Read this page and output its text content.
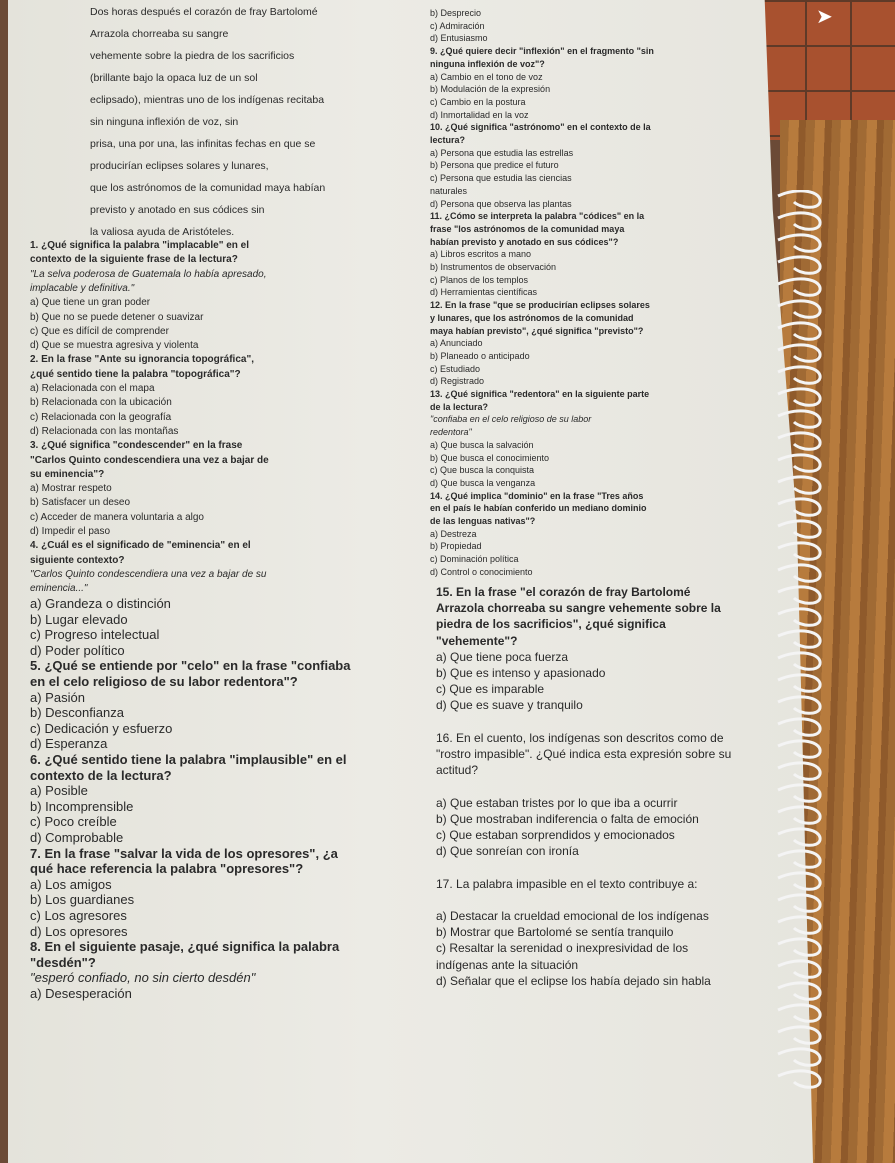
➤
Dos horas después el corazón de fray Bartolomé
Arrazola chorreaba su sangre
vehemente sobre la piedra de los sacrificios
(brillante bajo la opaca luz de un sol
eclipsado), mientras uno de los indígenas recitaba
sin ninguna inflexión de voz, sin
prisa, una por una, las infinitas fechas en que se
producirían eclipses solares y lunares,
que los astrónomos de la comunidad maya habían
previsto y anotado en sus códices sin
la valiosa ayuda de Aristóteles.
1. ¿Qué significa la palabra "implacable" en el
contexto de la siguiente frase de la lectura?
"La selva poderosa de Guatemala lo había apresado,
implacable y definitiva."
a) Que tiene un gran poder
b) Que no se puede detener o suavizar
c) Que es difícil de comprender
d) Que se muestra agresiva y violenta
2. En la frase "Ante su ignorancia topográfica",
¿qué sentido tiene la palabra "topográfica"?
a) Relacionada con el mapa
b) Relacionada con la ubicación
c) Relacionada con la geografía
d) Relacionada con las montañas
3. ¿Qué significa "condescender" en la frase
"Carlos Quinto condescendiera una vez a bajar de
su eminencia"?
a) Mostrar respeto
b) Satisfacer un deseo
c) Acceder de manera voluntaria a algo
d) Impedir el paso
4. ¿Cuál es el significado de "eminencia" en el
siguiente contexto?
"Carlos Quinto condescendiera una vez a bajar de su
eminencia..."
a) Grandeza o distinción
b) Lugar elevado
c) Progreso intelectual
d) Poder político
5. ¿Qué se entiende por "celo" en la frase "confiaba
en el celo religioso de su labor redentora"?
a) Pasión
b) Desconfianza
c) Dedicación y esfuerzo
d) Esperanza
6. ¿Qué sentido tiene la palabra "implausible" en el
contexto de la lectura?
a) Posible
b) Incomprensible
c) Poco creíble
d) Comprobable
7. En la frase "salvar la vida de los opresores", ¿a
qué hace referencia la palabra "opresores"?
a) Los amigos
b) Los guardianes
c) Los agresores
d) Los opresores
8. En el siguiente pasaje, ¿qué significa la palabra
"desdén"?
"esperó confiado, no sin cierto desdén"
a) Desesperación
b) Desprecio
c) Admiración
d) Entusiasmo
9. ¿Qué quiere decir "inflexión" en el fragmento "sin
ninguna inflexión de voz"?
a) Cambio en el tono de voz
b) Modulación de la expresión
c) Cambio en la postura
d) Inmortalidad en la voz
10. ¿Qué significa "astrónomo" en el contexto de la
lectura?
a) Persona que estudia las estrellas
b) Persona que predice el futuro
c) Persona que estudia las ciencias
naturales
d) Persona que observa las plantas
11. ¿Cómo se interpreta la palabra "códices" en la
frase "los astrónomos de la comunidad maya
habían previsto y anotado en sus códices"?
a) Libros escritos a mano
b) Instrumentos de observación
c) Planos de los templos
d) Herramientas científicas
12. En la frase "que se producirían eclipses solares
y lunares, que los astrónomos de la comunidad
maya habían previsto", ¿qué significa "previsto"?
a) Anunciado
b) Planeado o anticipado
c) Estudiado
d) Registrado
13. ¿Qué significa "redentora" en la siguiente parte
de la lectura?
"confiaba en el celo religioso de su labor
redentora"
a) Que busca la salvación
b) Que busca el conocimiento
c) Que busca la conquista
d) Que busca la venganza
14. ¿Qué implica "dominio" en la frase "Tres años
en el país le habían conferido un mediano dominio
de las lenguas nativas"?
a) Destreza
b) Propiedad
c) Dominación política
d) Control o conocimiento
15. En la frase "el corazón de fray Bartolomé
Arrazola chorreaba su sangre vehemente sobre la
piedra de los sacrificios", ¿qué significa
"vehemente"?
a) Que tiene poca fuerza
b) Que es intenso y apasionado
c) Que es imparable
d) Que es suave y tranquilo
16. En el cuento, los indígenas son descritos como de
"rostro impasible". ¿Qué indica esta expresión sobre su
actitud?
a) Que estaban tristes por lo que iba a ocurrir
b) Que mostraban indiferencia o falta de emoción
c) Que estaban sorprendidos y emocionados
d) Que sonreían con ironía
17. La palabra impasible en el texto contribuye a:
a) Destacar la crueldad emocional de los indígenas
b) Mostrar que Bartolomé se sentía tranquilo
c) Resaltar la serenidad o inexpresividad de los
indígenas ante la situación
d) Señalar que el eclipse los había dejado sin habla
